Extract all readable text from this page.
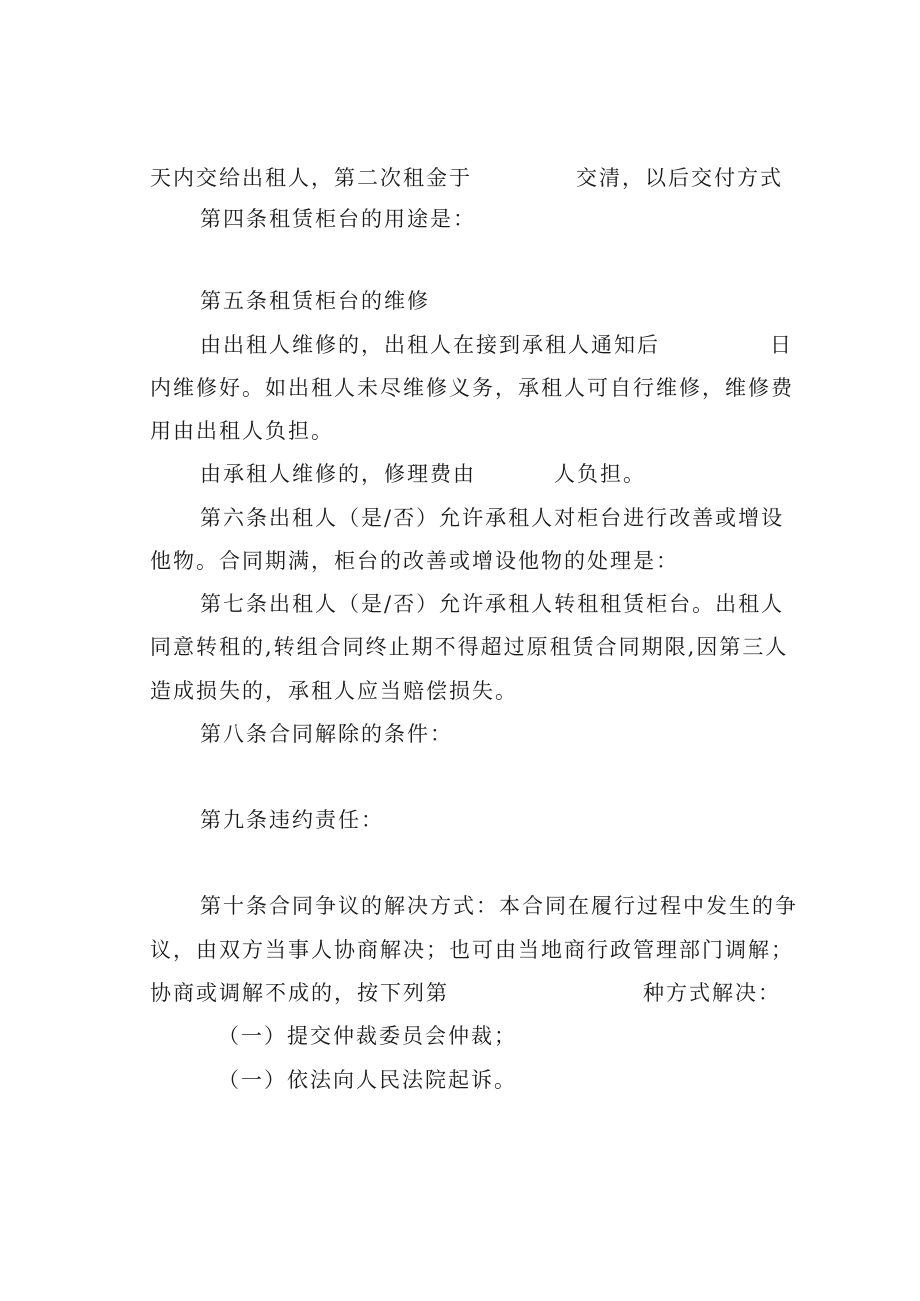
天内交给出租人，第二次租金于	交清，以后交付方式
第四条租赁柜台的用途是：
第五条租赁柜台的维修
由出租人维修的，出租人在接到承租人通知后	日
内维修好。如出租人未尽维修义务，承租人可自行维修，维修费
用由出租人负担。
由承租人维修的，修理费由	人负担。
第六条出租人（是/否）允许承租人对柜台进行改善或增设
他物。合同期满，柜台的改善或增设他物的处理是：
第七条出租人（是/否）允许承租人转租租赁柜台。出租人
同意转租的,转组合同终止期不得超过原租赁合同期限,因第三人
造成损失的，承租人应当赔偿损失。
第八条合同解除的条件：
第九条违约责任：
第十条合同争议的解决方式：本合同在履行过程中发生的争
议，由双方当事人协商解决；也可由当地商行政管理部门调解；
协商或调解不成的，按下列第	种方式解决：
（一）提交仲裁委员会仲裁；
（一）依法向人民法院起诉。
